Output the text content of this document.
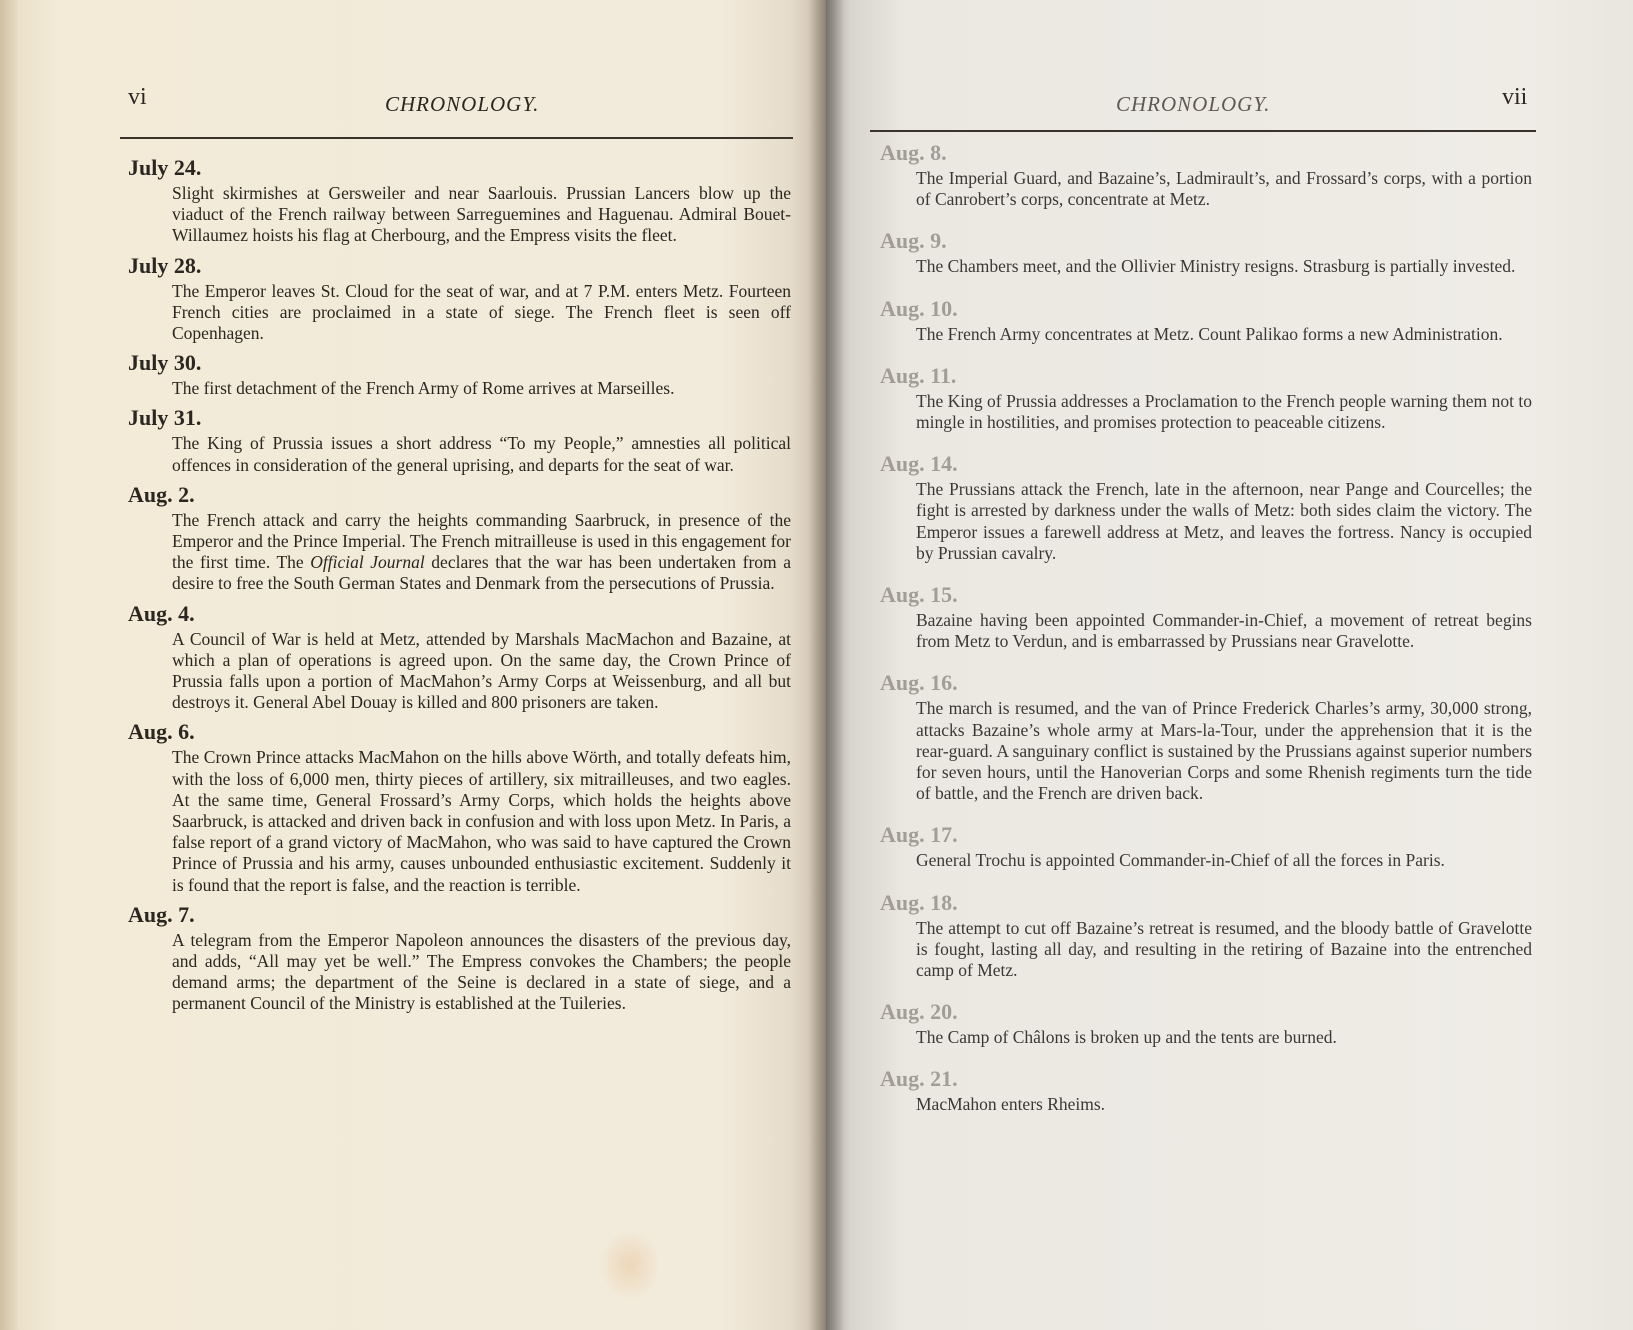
vi	CHRONOLOGY.
July 24.
Slight skirmishes at Gersweiler and near Saarlouis. Prussian Lancers blow up the viaduct of the French railway between Sarreguemines and Haguenau. Admiral Bouet-Willaumez hoists his flag at Cherbourg, and the Empress visits the fleet.
July 28.
The Emperor leaves St. Cloud for the seat of war, and at 7 P.M. enters Metz. Fourteen French cities are proclaimed in a state of siege. The French fleet is seen off Copenhagen.
July 30.
The first detachment of the French Army of Rome arrives at Marseilles.
July 31.
The King of Prussia issues a short address “To my People,” amnesties all political offences in consideration of the general uprising, and departs for the seat of war.
Aug. 2.
The French attack and carry the heights commanding Saarbruck, in presence of the Emperor and the Prince Imperial. The French mitrailleuse is used in this engagement for the first time. The Official Journal declares that the war has been undertaken from a desire to free the South German States and Denmark from the persecutions of Prussia.
Aug. 4.
A Council of War is held at Metz, attended by Marshals MacMachon and Bazaine, at which a plan of operations is agreed upon. On the same day, the Crown Prince of Prussia falls upon a portion of MacMahon’s Army Corps at Weissenburg, and all but destroys it. General Abel Douay is killed and 800 prisoners are taken.
Aug. 6.
The Crown Prince attacks MacMahon on the hills above Wörth, and totally defeats him, with the loss of 6,000 men, thirty pieces of artillery, six mitrailleuses, and two eagles. At the same time, General Frossard’s Army Corps, which holds the heights above Saarbruck, is attacked and driven back in confusion and with loss upon Metz. In Paris, a false report of a grand victory of MacMahon, who was said to have captured the Crown Prince of Prussia and his army, causes unbounded enthusiastic excitement. Suddenly it is found that the report is false, and the reaction is terrible.
Aug. 7.
A telegram from the Emperor Napoleon announces the disasters of the previous day, and adds, “All may yet be well.” The Empress convokes the Chambers; the people demand arms; the department of the Seine is declared in a state of siege, and a permanent Council of the Ministry is established at the Tuileries.
CHRONOLOGY.	vii
Aug. 8.
The Imperial Guard, and Bazaine’s, Ladmirault’s, and Frossard’s corps, with a portion of Canrobert’s corps, concentrate at Metz.
Aug. 9.
The Chambers meet, and the Ollivier Ministry resigns. Strasburg is partially invested.
Aug. 10.
The French Army concentrates at Metz. Count Palikao forms a new Administration.
Aug. 11.
The King of Prussia addresses a Proclamation to the French people warning them not to mingle in hostilities, and promises protection to peaceable citizens.
Aug. 14.
The Prussians attack the French, late in the afternoon, near Pange and Courcelles; the fight is arrested by darkness under the walls of Metz: both sides claim the victory. The Emperor issues a farewell address at Metz, and leaves the fortress. Nancy is occupied by Prussian cavalry.
Aug. 15.
Bazaine having been appointed Commander-in-Chief, a movement of retreat begins from Metz to Verdun, and is embarrassed by Prussians near Gravelotte.
Aug. 16.
The march is resumed, and the van of Prince Frederick Charles’s army, 30,000 strong, attacks Bazaine’s whole army at Mars-la-Tour, under the apprehension that it is the rear-guard. A sanguinary conflict is sustained by the Prussians against superior numbers for seven hours, until the Hanoverian Corps and some Rhenish regiments turn the tide of battle, and the French are driven back.
Aug. 17.
General Trochu is appointed Commander-in-Chief of all the forces in Paris.
Aug. 18.
The attempt to cut off Bazaine’s retreat is resumed, and the bloody battle of Gravelotte is fought, lasting all day, and resulting in the retiring of Bazaine into the entrenched camp of Metz.
Aug. 20.
The Camp of Châlons is broken up and the tents are burned.
Aug. 21.
MacMahon enters Rheims.
